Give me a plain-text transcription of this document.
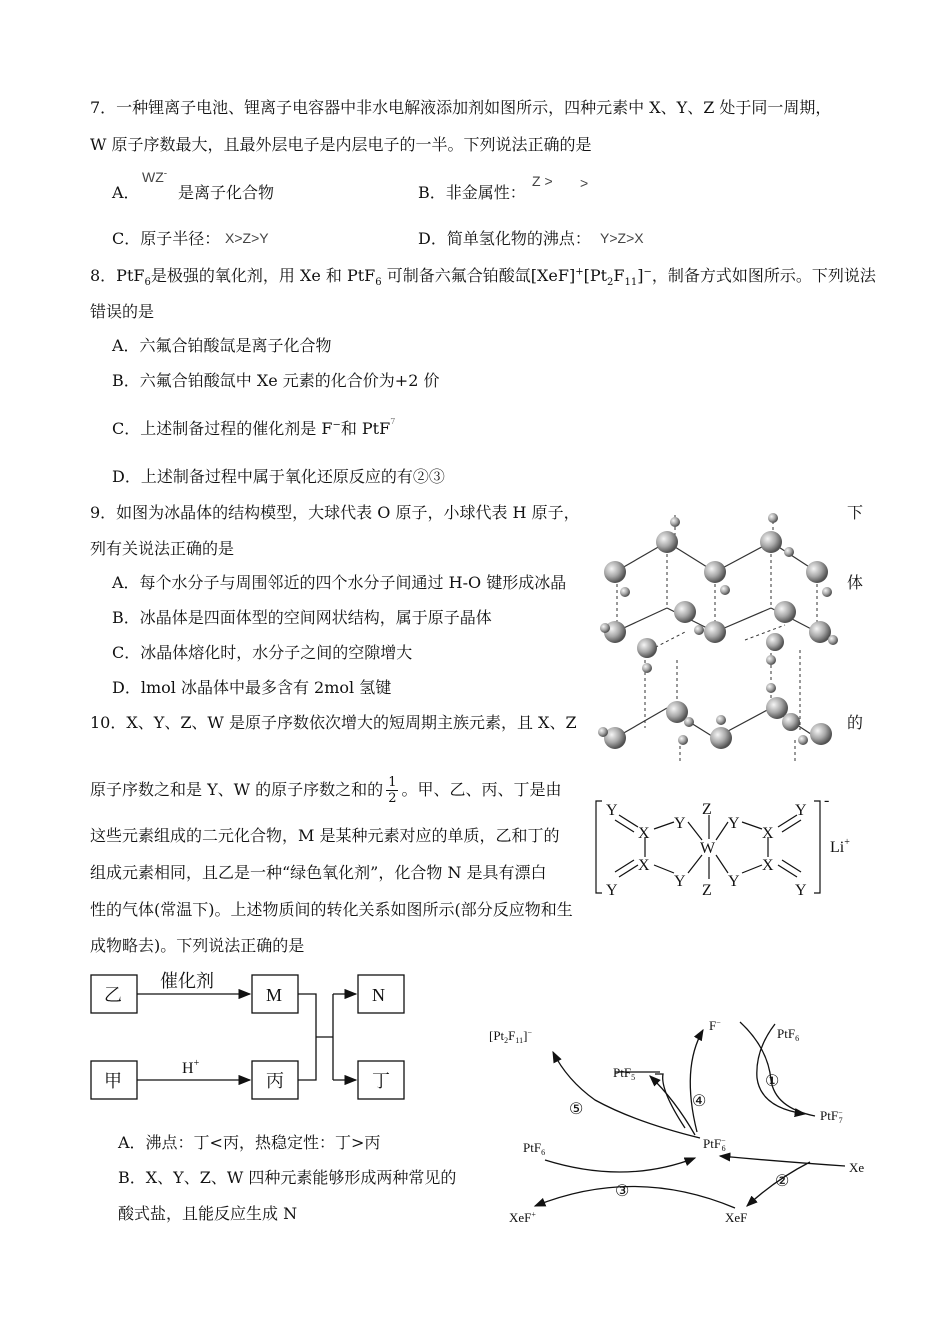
7．一种锂离子电池、锂离子电容器中非水电解液添加剂如图所示，四种元素中 X、Y、Z 处于同一周期，
W 原子序数最大，且最外层电子是内层电子的一半。下列说法正确的是
A．
WZ-
是离子化合物	B．非金属性：
Z > >
C．原子半径： X>Z>Y	D．简单氢化物的沸点： Y>Z>X
8．PtF$_6$是极强的氧化剂，用 Xe 和 PtF$_6$ 可制备六氟合铂酸氙$[XeF]^+[Pt_2F_{11}]^-$，制备方式如图所示。下列说法
错误的是
A．六氟合铂酸氙是离子化合物
B．六氟合铂酸氙中 Xe 元素的化合价为+2 价
C．上述制备过程的催化剂是 F−和 PtF$^7$
D．上述制备过程中属于氧化还原反应的有②③
9．如图为冰晶体的结构模型，大球代表 O 原子，小球代表 H 原子，	下
列有关说法正确的是
A．每个水分子与周围邻近的四个水分子间通过 H-O 键形成冰晶	体
B．冰晶体是四面体型的空间网状结构，属于原子晶体
C．冰晶体熔化时，水分子之间的空隙增大
D．lmol 冰晶体中最多含有 2mol 氢键
10．X、Y、Z、W 是原子序数依次增大的短周期主族元素，且 X、Z	的
原子序数之和是 Y、W 的原子序数之和的 $\frac{1}{2}$ 。甲、乙、丙、丁是由
这些元素组成的二元化合物，M 是某种元素对应的单质，乙和丁的
组成元素相同，且乙是一种“绿色氧化剂”，化合物 N 是具有漂白
性的气体(常温下)。上述物质间的转化关系如图所示(部分反应物和生
成物略去)。下列说法正确的是
Y
X
X
Y
Y
Y
Z
W
Z
Y
Y
X
X
Y
Y
-
Li+
乙
甲
M
丙
N
丁
催化剂
H+
A．沸点：丁<丙，热稳定性：丁>丙
B．X、Y、Z、W 四种元素能够形成两种常见的
酸式盐，且能反应生成 N
$[Pt_2F_{11}]^-$	F−
PtF$_6$
PtF$_5$
PtF− 7
PtF− 6
PtF$_6$
Xe
XeF+	XeF
①
②
③
④
⑤
